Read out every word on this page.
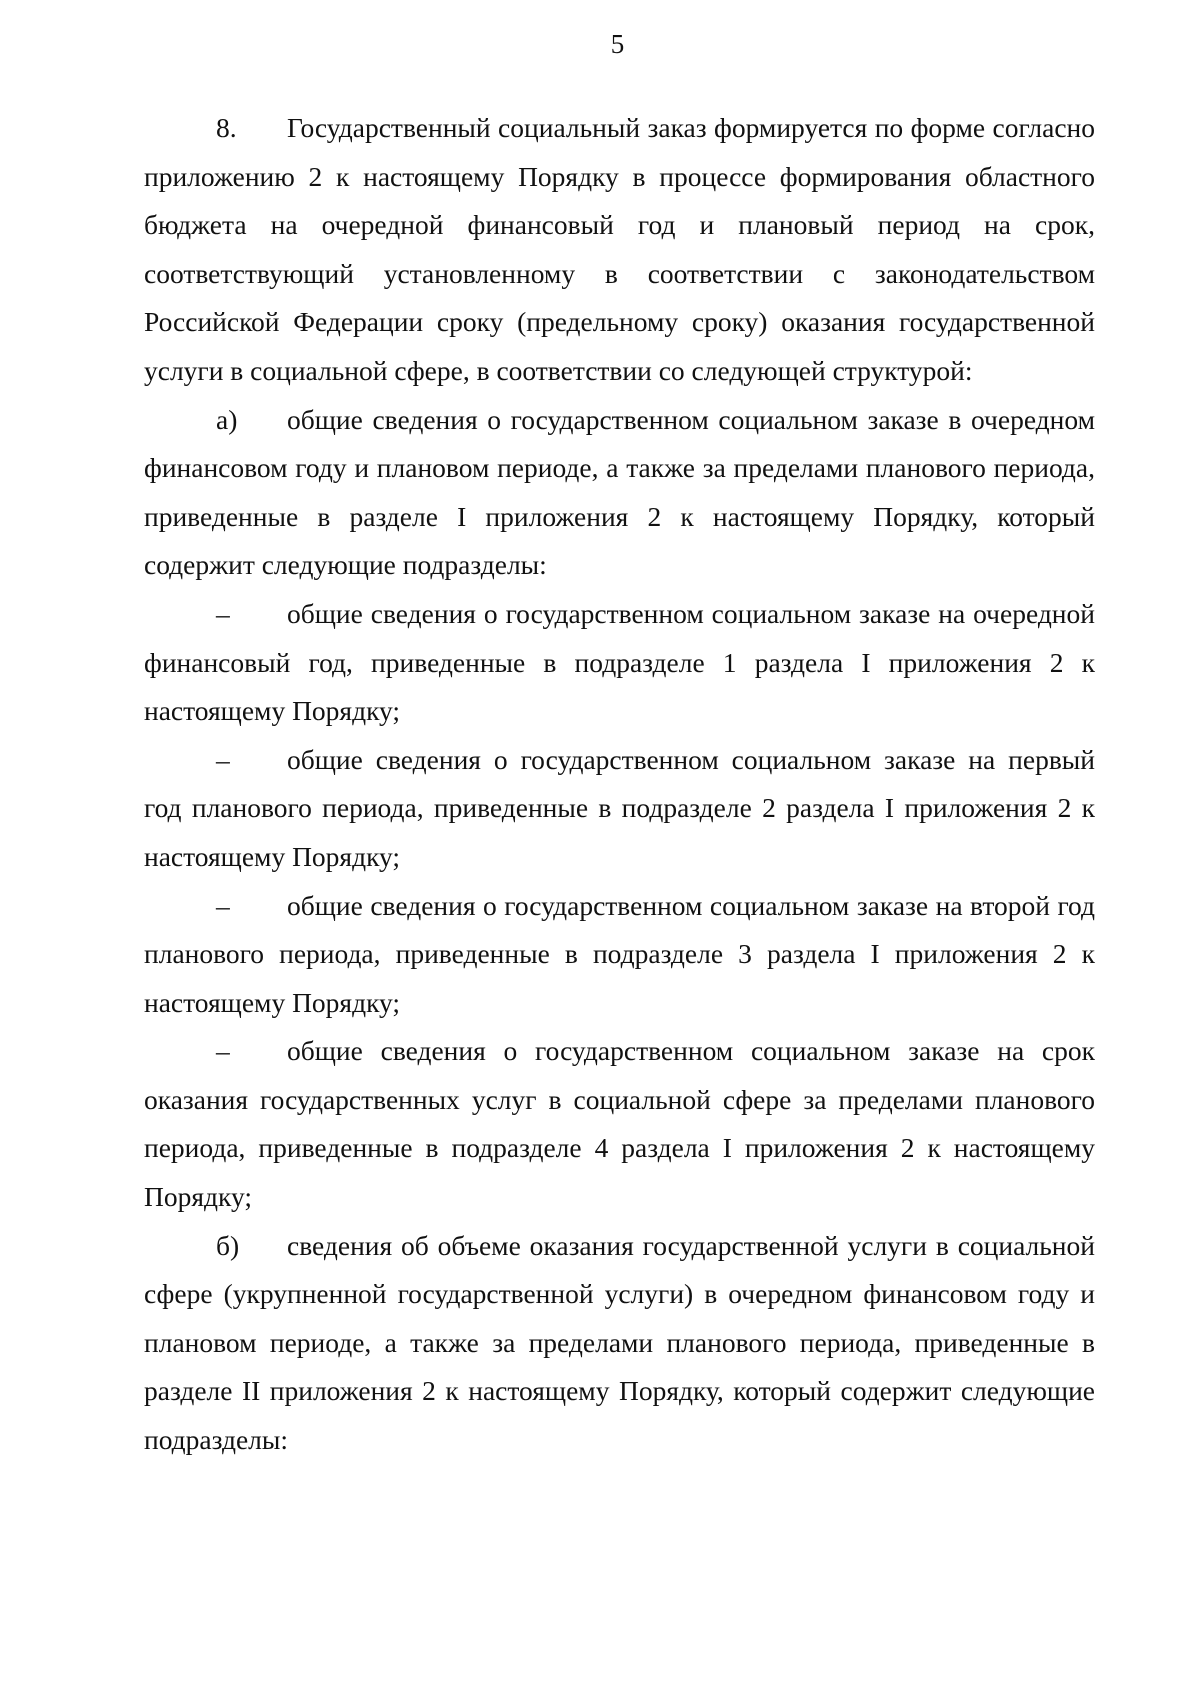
5

8. Государственный социальный заказ формируется по форме согласно приложению 2 к настоящему Порядку в процессе формирования областного бюджета на очередной финансовый год и плановый период на срок, соответствующий установленному в соответствии с законодательством Российской Федерации сроку (предельному сроку) оказания государственной услуги в социальной сфере, в соответствии со следующей структурой:

а) общие сведения о государственном социальном заказе в очередном финансовом году и плановом периоде, а также за пределами планового периода, приведенные в разделе I приложения 2 к настоящему Порядку, который содержит следующие подразделы:

– общие сведения о государственном социальном заказе на очередной финансовый год, приведенные в подразделе 1 раздела I приложения 2 к настоящему Порядку;

– общие сведения о государственном социальном заказе на первый год планового периода, приведенные в подразделе 2 раздела I приложения 2 к настоящему Порядку;

– общие сведения о государственном социальном заказе на второй год планового периода, приведенные в подразделе 3 раздела I приложения 2 к настоящему Порядку;

– общие сведения о государственном социальном заказе на срок оказания государственных услуг в социальной сфере за пределами планового периода, приведенные в подразделе 4 раздела I приложения 2 к настоящему Порядку;

б) сведения об объеме оказания государственной услуги в социальной сфере (укрупненной государственной услуги) в очередном финансовом году и плановом периоде, а также за пределами планового периода, приведенные в разделе II приложения 2 к настоящему Порядку, который содержит следующие подразделы:
